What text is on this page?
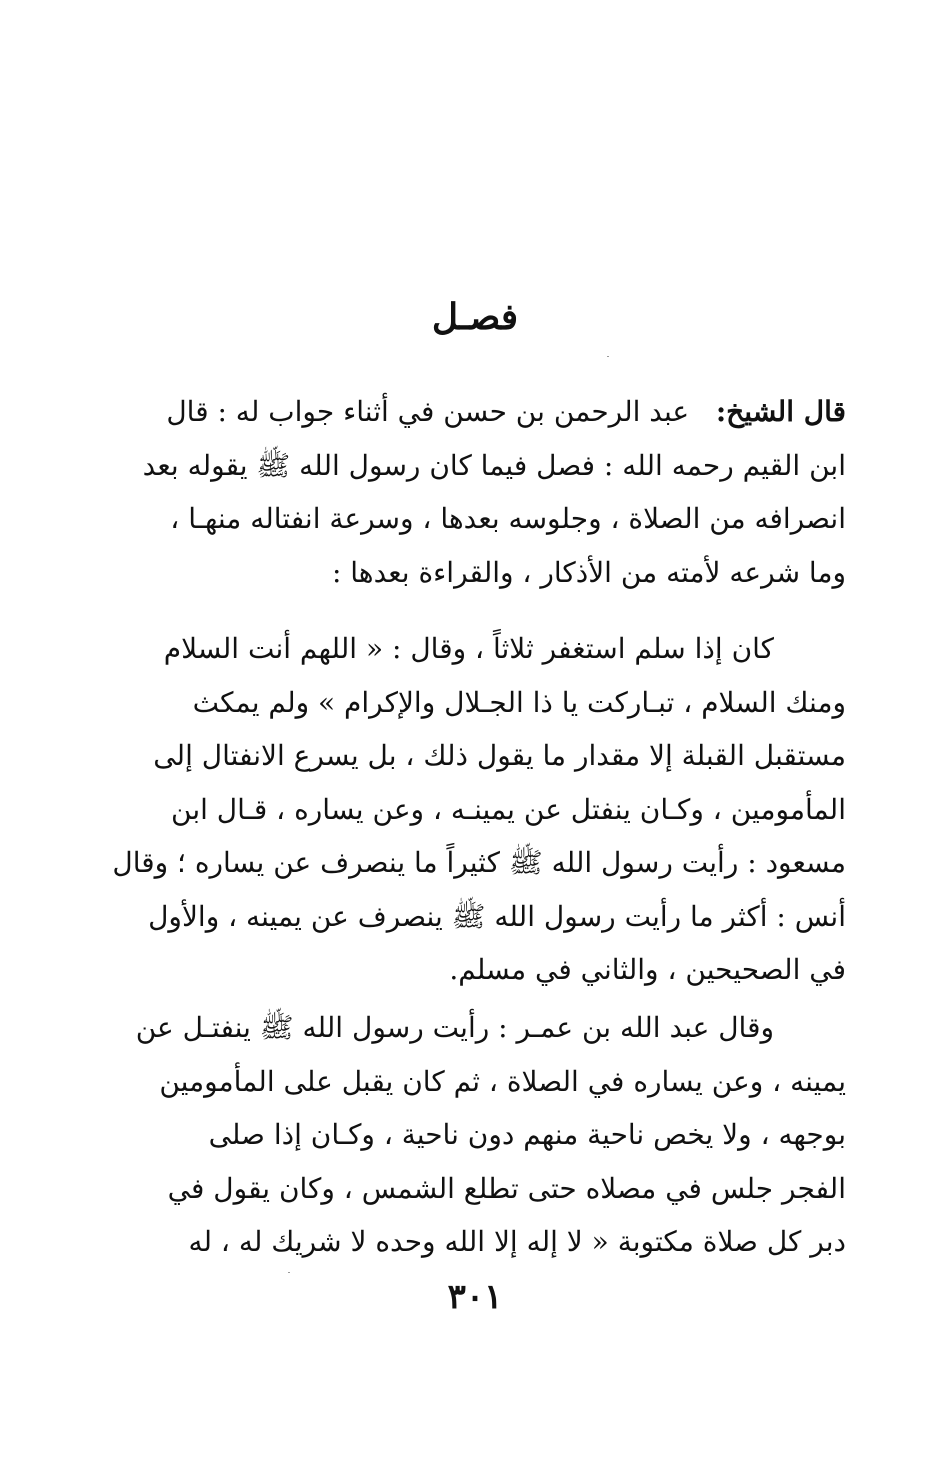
فصـل
قال الشيخ:   عبد الرحمن بن حسن في أثناء جواب له : قال
ابن القيم رحمه الله : فصل فيما كان رسول الله ﷺ يقوله بعد
انصرافه من الصلاة ، وجلوسه بعدها ، وسرعة انفتاله منهـا ،
وما شرعه لأمته من الأذكار ، والقراءة بعدها :
كان إذا سلم استغفر ثلاثاً ، وقال : « اللهم أنت السلام
ومنك السلام ، تبـاركت يا ذا الجـلال والإكرام » ولم يمكث
مستقبل القبلة إلا مقدار ما يقول ذلك ، بل يسرع الانفتال إلى
المأمومين ، وكـان ينفتل عن يمينـه ، وعن يساره ، قـال ابن
مسعود : رأيت رسول الله ﷺ كثيراً ما ينصرف عن يساره ؛ وقال
أنس : أكثر ما رأيت رسول الله ﷺ ينصرف عن يمينه ، والأول
في الصحيحين ، والثاني في مسلم.
وقال عبد الله بن عمـر : رأيت رسول الله ﷺ ينفتـل عن
يمينه ، وعن يساره في الصلاة ، ثم كان يقبل على المأمومين
بوجهه ، ولا يخص ناحية منهم دون ناحية ، وكـان إذا صلى
الفجر جلس في مصلاه حتى تطلع الشمس ، وكان يقول في
دبر كل صلاة مكتوبة « لا إله إلا الله وحده لا شريك له ، له
٣٠١
